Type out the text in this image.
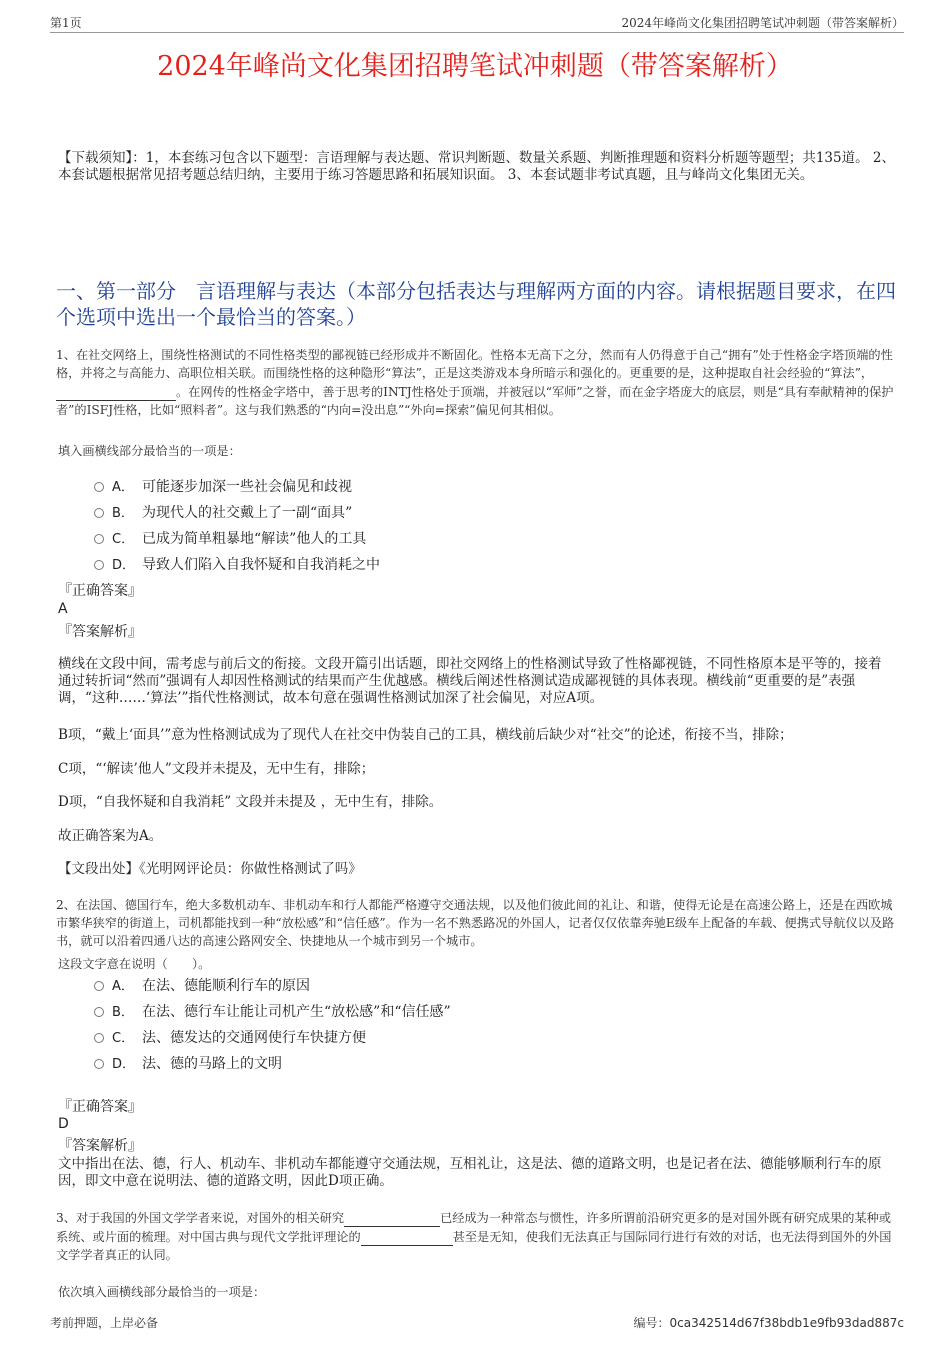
第1页	2024年峰尚文化集团招聘笔试冲刺题（带答案解析）
2024年峰尚文化集团招聘笔试冲刺题（带答案解析）
【下载须知】：1，本套练习包含以下题型：言语理解与表达题、常识判断题、数量关系题、判断推理题和资料分析题等题型；共135道。 2、本套试题根据常见招考题总结归纳，主要用于练习答题思路和拓展知识面。 3、本套试题非考试真题，且与峰尚文化集团无关。
一、第一部分　言语理解与表达（本部分包括表达与理解两方面的内容。请根据题目要求，在四个选项中选出一个最恰当的答案。）
1、在社交网络上，围绕性格测试的不同性格类型的鄙视链已经形成并不断固化。性格本无高下之分，然而有人仍得意于自己“拥有”处于性格金字塔顶端的性格，并将之与高能力、高职位相关联。而围绕性格的这种隐形“算法”，正是这类游戏本身所暗示和强化的。更重要的是，这种提取自社会经验的“算法”， 。在网传的性格金字塔中，善于思考的INTJ性格处于顶端，并被冠以“军师”之誉，而在金字塔庞大的底层，则是“具有奉献精神的保护者”的ISFJ性格，比如“照料者”。这与我们熟悉的“内向=没出息”“外向=探索”偏见何其相似。
填入画横线部分最恰当的一项是：
A． 可能逐步加深一些社会偏见和歧视
B． 为现代人的社交戴上了一副“面具”
C． 已成为简单粗暴地“解读”他人的工具
D． 导致人们陷入自我怀疑和自我消耗之中
『正确答案』
A
『答案解析』
横线在文段中间，需考虑与前后文的衔接。文段开篇引出话题，即社交网络上的性格测试导致了性格鄙视链，不同性格原本是平等的，接着通过转折词“然而”强调有人却因性格测试的结果而产生优越感。横线后阐述性格测试造成鄙视链的具体表现。横线前“更重要的是”表强调，“这种……‘算法’”指代性格测试，故本句意在强调性格测试加深了社会偏见，对应A项。
B项，“戴上‘面具’”意为性格测试成为了现代人在社交中伪装自己的工具，横线前后缺少对“社交”的论述，衔接不当，排除；
C项，“‘解读’他人”文段并未提及，无中生有，排除；
D项，“自我怀疑和自我消耗” 文段并未提及 ，无中生有，排除。
故正确答案为A。
【文段出处】《光明网评论员：你做性格测试了吗》
2、在法国、德国行车，绝大多数机动车、非机动车和行人都能严格遵守交通法规，以及他们彼此间的礼让、和谐，使得无论是在高速公路上，还是在西欧城市繁华狭窄的街道上，司机都能找到一种“放松感”和“信任感”。作为一名不熟悉路况的外国人，记者仅仅依靠奔驰E级车上配备的车载、便携式导航仪以及路书，就可以沿着四通八达的高速公路网安全、快捷地从一个城市到另一个城市。
这段文字意在说明（　　）。
A． 在法、德能顺利行车的原因
B． 在法、德行车让能让司机产生“放松感”和“信任感”
C． 法、德发达的交通网使行车快捷方便
D． 法、德的马路上的文明
『正确答案』
D
『答案解析』
文中指出在法、德，行人、机动车、非机动车都能遵守交通法规，互相礼让，这是法、德的道路文明，也是记者在法、德能够顺利行车的原因，即文中意在说明法、德的道路文明，因此D项正确。
3、对于我国的外国文学学者来说，对国外的相关研究	已经成为一种常态与惯性，许多所谓前沿研究更多的是对国外既有研究成果的某种或系统、或片面的梳理。对中国古典与现代文学批评理论的	甚至是无知，使我们无法真正与国际同行进行有效的对话，也无法得到国外的外国文学学者真正的认同。
依次填入画横线部分最恰当的一项是：
考前押题，上岸必备	编号：0ca342514d67f38bdb1e9fb93dad887c
